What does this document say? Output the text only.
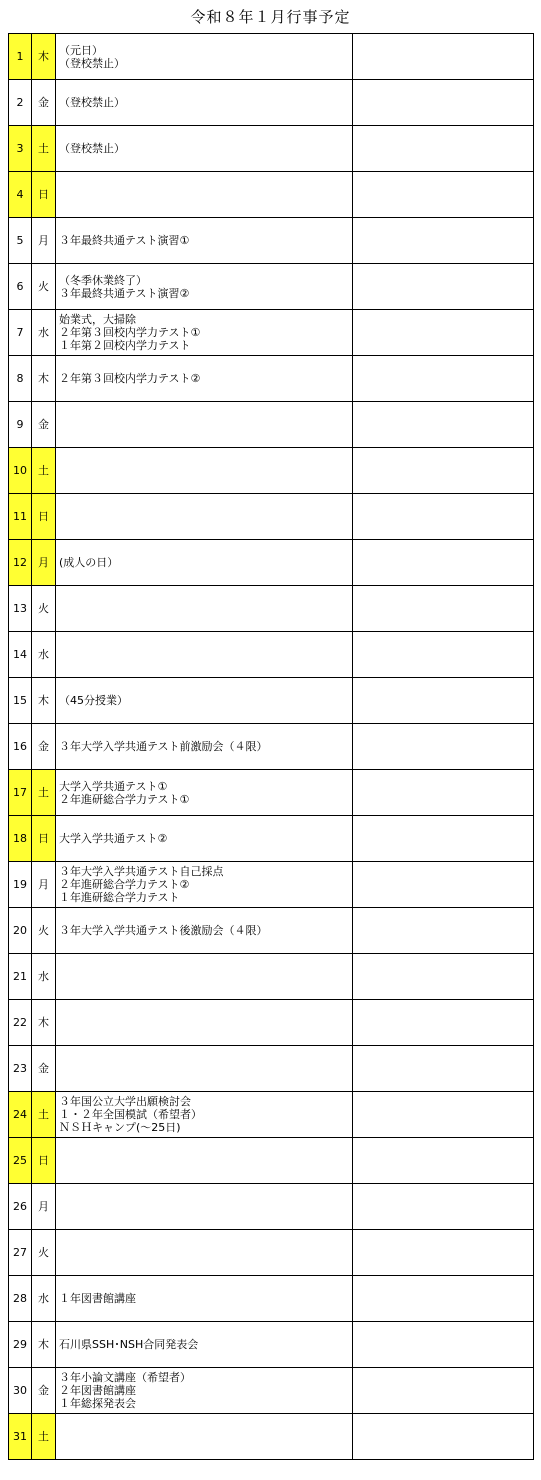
令和８年１月行事予定
1	木	（元日）
（登校禁止）	
2	金	（登校禁止）	
3	土	（登校禁止）	
4	日		
5	月	３年最終共通テスト演習①	
6	火	（冬季休業終了）
３年最終共通テスト演習②	
7	水	始業式，大掃除
２年第３回校内学力テスト①
１年第２回校内学力テスト	
8	木	２年第３回校内学力テスト②	
9	金		
10	土		
11	日		
12	月	(成人の日）	
13	火		
14	水		
15	木	（45分授業）	
16	金	３年大学入学共通テスト前激励会（４限）	
17	土	大学入学共通テスト①
２年進研総合学力テスト①	
18	日	大学入学共通テスト②	
19	月	３年大学入学共通テスト自己採点
２年進研総合学力テスト②
１年進研総合学力テスト	
20	火	３年大学入学共通テスト後激励会（４限）	
21	水		
22	木		
23	金		
24	土	３年国公立大学出願検討会
１・２年全国模試（希望者）
ＮＳＨキャンプ(～25日)	
25	日		
26	月		
27	火		
28	水	１年図書館講座	
29	木	石川県SSH･NSH合同発表会	
30	金	３年小論文講座（希望者）
２年図書館講座
１年総探発表会	
31	土		
